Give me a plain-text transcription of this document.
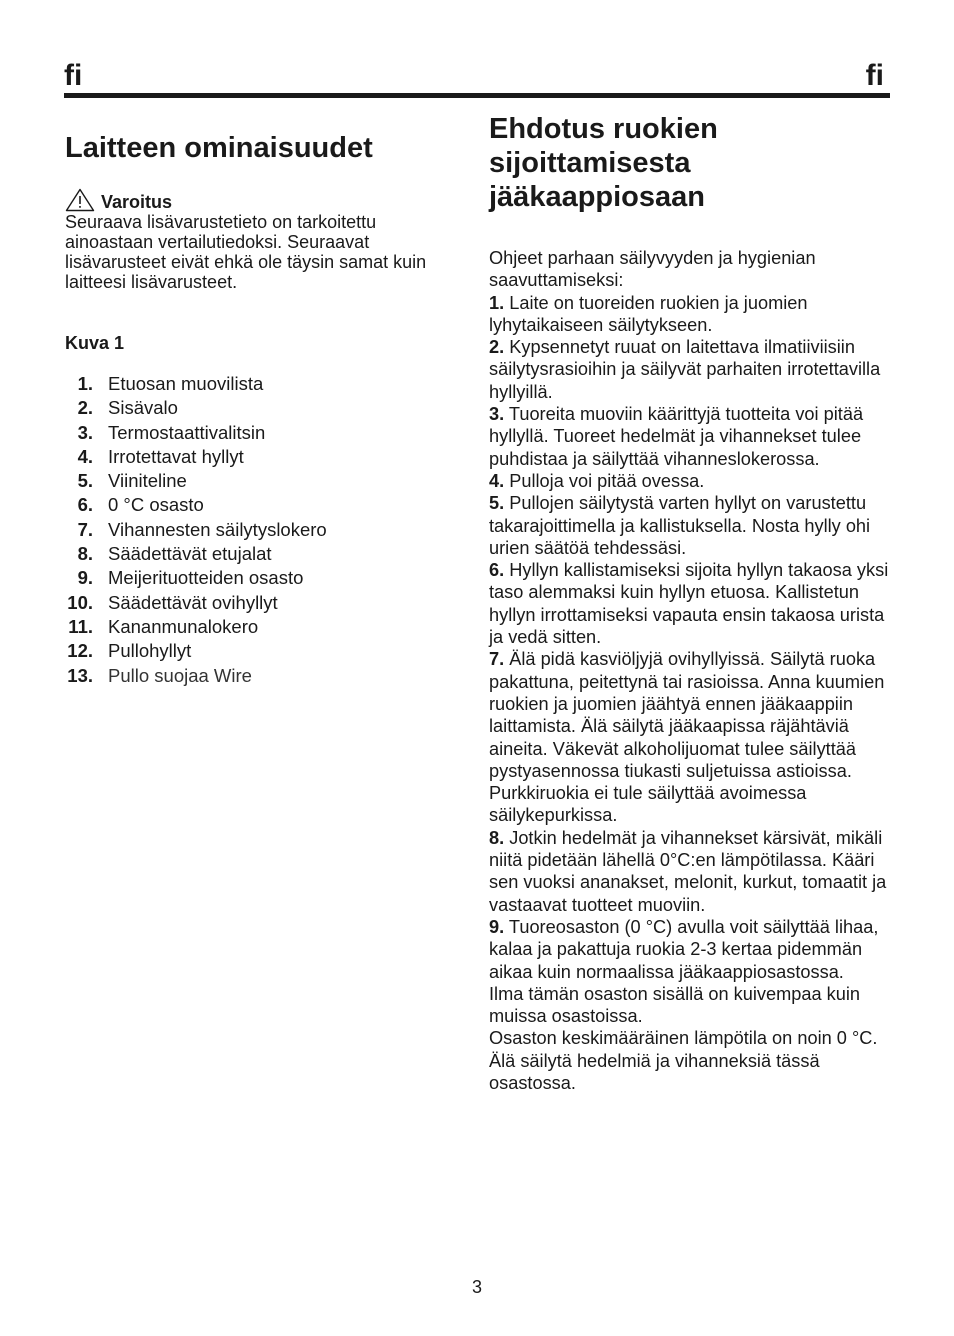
fi	fi
Laitteen ominaisuudet
Varoitus
Seuraava lisävarustetieto on tarkoitettu ainoastaan vertailutiedoksi. Seuraavat lisävarusteet eivät ehkä ole täysin samat kuin laitteesi lisävarusteet.
Kuva 1
1. Etuosan muovilista
2. Sisävalo
3. Termostaattivalitsin
4. Irrotettavat hyllyt
5. Viiniteline
6. 0 °C osasto
7. Vihannesten säilytyslokero
8. Säädettävät etujalat
9. Meijerituotteiden osasto
10. Säädettävät ovihyllyt
11. Kananmunalokero
12. Pullohyllyt
13. Pullo suojaa Wire
Ehdotus ruokien
sijoittamisesta
jääkaappiosaan

Ohjeet parhaan säilyvyyden ja hygienian saavuttamiseksi:

1. Laite on tuoreiden ruokien ja juomien lyhytaikaiseen säilytykseen.

2. Kypsennetyt ruuat on laitettava ilmatiiviisiin säilytysrasioihin ja säilyvät parhaiten irrotettavilla hyllyillä.

3. Tuoreita muoviin käärittyjä tuotteita voi pitää hyllyllä. Tuoreet hedelmät ja vihannekset tulee puhdistaa ja säilyttää vihanneslokerossa.

4. Pulloja voi pitää ovessa.

5. Pullojen säilytystä varten hyllyt on varustettu takarajoittimella ja kallistuksella. Nosta hylly ohi urien säätöä tehdessäsi.

6. Hyllyn kallistamiseksi sijoita hyllyn takaosa yksi taso alemmaksi kuin hyllyn etuosa. Kallistetun hyllyn irrottamiseksi vapauta ensin takaosa urista ja vedä sitten.

7. Älä pidä kasviöljyjä ovihyllyissä. Säilytä ruoka pakattuna, peitettynä tai rasioissa. Anna kuumien ruokien ja juomien jäähtyä ennen jääkaappiin laittamista. Älä säilytä jääkaapissa räjähtäviä aineita. Väkevät alkoholijuomat tulee säilyttää pystyasennossa tiukasti suljetuissa astioissa. Purkkiruokia ei tule säilyttää avoimessa säilykepurkissa.

8. Jotkin hedelmät ja vihannekset kärsivät, mikäli niitä pidetään lähellä 0°C:en lämpötilassa. Kääri sen vuoksi ananakset, melonit, kurkut, tomaatit ja vastaavat tuotteet muoviin.

9. Tuoreosaston (0 °C) avulla voit säilyttää lihaa, kalaa ja pakattuja ruokia 2-3 kertaa pidemmän aikaa kuin normaalissa jääkaappiosastossa.

Ilma tämän osaston sisällä on kuivempaa kuin muissa osastoissa.

Osaston keskimääräinen lämpötila on noin 0 °C.

Älä säilytä hedelmiä ja vihanneksiä tässä osastossa.

3
